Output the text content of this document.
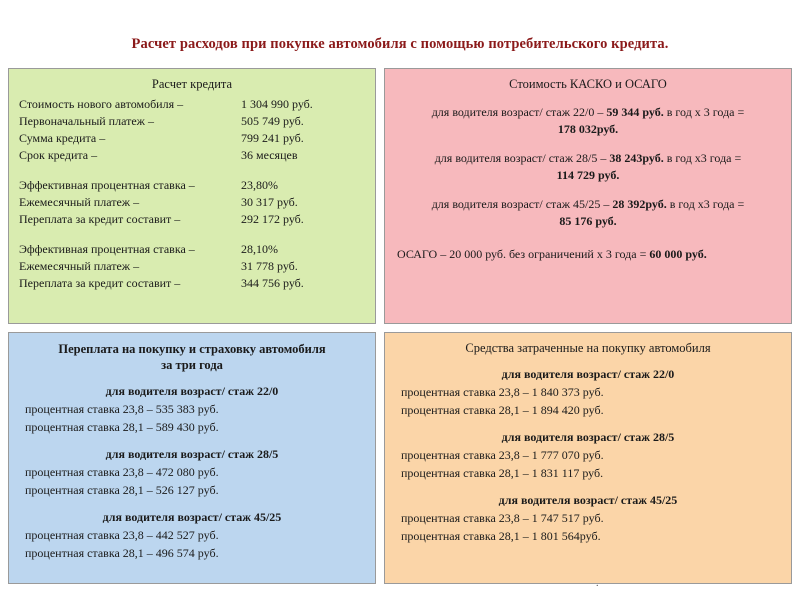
Расчет расходов при покупке автомобиля с помощью потребительского кредита.
Расчет кредита
Стоимость нового автомобиля –	1 304 990 руб.
Первоначальный платеж –	505 749 руб.
Сумма кредита –	799 241 руб.
Срок кредита –	36 месяцев
Эффективная процентная ставка –	23,80%
Ежемесячный платеж –	30 317 руб.
Переплата за кредит составит –	292 172 руб.
Эффективная процентная ставка –	28,10%
Ежемесячный платеж –	31 778 руб.
Переплата за кредит составит –	344 756 руб.
Стоимость КАСКО и ОСАГО
для водителя возраст/ стаж 22/0 – 59 344 руб. в год х 3 года =
178 032руб.
для водителя возраст/ стаж 28/5 – 38 243руб. в год х3 года =
114 729 руб.
для водителя возраст/ стаж 45/25 – 28 392руб. в год х3 года =
85 176 руб.
ОСАГО – 20 000 руб. без ограничений х 3 года = 60 000 руб.
Переплата на покупку и страховку автомобиля
за три года
для водителя возраст/ стаж 22/0
процентная ставка 23,8 – 535 383 руб.
процентная ставка 28,1 – 589 430 руб.
для водителя возраст/ стаж 28/5
процентная ставка 23,8 – 472 080 руб.
процентная ставка 28,1 – 526 127 руб.
для водителя возраст/ стаж 45/25
процентная ставка 23,8 – 442 527 руб.
процентная ставка 28,1 – 496 574 руб.
Средства затраченные на покупку автомобиля
для водителя возраст/ стаж 22/0
процентная ставка 23,8 – 1 840 373 руб.
процентная ставка 28,1 – 1 894 420 руб.
для водителя возраст/ стаж 28/5
процентная ставка 23,8 – 1 777 070 руб.
процентная ставка 28,1 – 1 831 117 руб.
для водителя возраст/ стаж 45/25
процентная ставка 23,8 – 1 747 517 руб.
процентная ставка 28,1 – 1 801 564руб.
.
